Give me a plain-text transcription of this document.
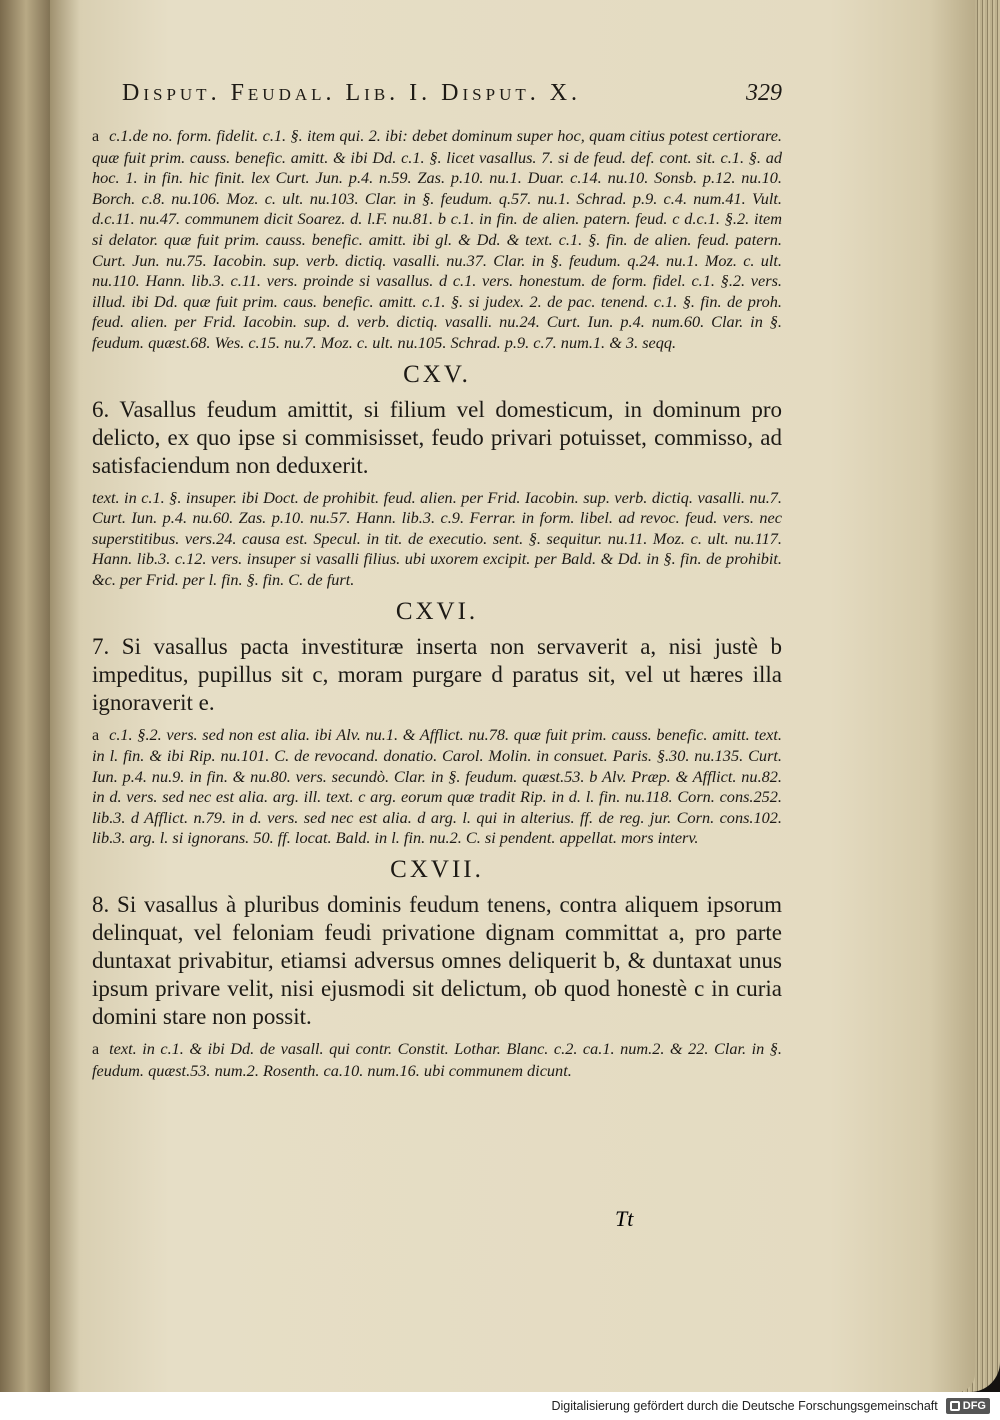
Disput. Feudal. Lib. I. Disput. X.	329

a c.1.de no. form. fidelit. c.1. §. item qui. 2. ibi: debet dominum super hoc, quam citius potest certiorare. quæ fuit prim. causs. benefic. amitt. & ibi Dd. c.1. §. licet vasallus. 7. si de feud. def. cont. sit. c.1. §. ad hoc. 1. in fin. hic finit. lex Curt. Jun. p.4. n.59. Zas. p.10. nu.1. Duar. c.14. nu.10. Sonsb. p.12. nu.10. Borch. c.8. nu.106. Moz. c. ult. nu.103. Clar. in §. feudum. q.57. nu.1. Schrad. p.9. c.4. num.41. Vult. d.c.11. nu.47. communem dicit Soarez. d. l.F. nu.81. b c.1. in fin. de alien. patern. feud. c d.c.1. §.2. item si delator. quæ fuit prim. causs. benefic. amitt. ibi gl. & Dd. & text. c.1. §. fin. de alien. feud. patern. Curt. Jun. nu.75. Iacobin. sup. verb. dictiq. vasalli. nu.37. Clar. in §. feudum. q.24. nu.1. Moz. c. ult. nu.110. Hann. lib.3. c.11. vers. proinde si vasallus. d c.1. vers. honestum. de form. fidel. c.1. §.2. vers. illud. ibi Dd. quæ fuit prim. caus. benefic. amitt. c.1. §. si judex. 2. de pac. tenend. c.1. §. fin. de proh. feud. alien. per Frid. Iacobin. sup. d. verb. dictiq. vasalli. nu.24. Curt. Iun. p.4. num.60. Clar. in §. feudum. quæst.68. Wes. c.15. nu.7. Moz. c. ult. nu.105. Schrad. p.9. c.7. num.1. & 3. seqq.

CXV.

6. Vasallus feudum amittit, si filium vel domesticum, in dominum pro delicto, ex quo ipse si commisisset, feudo privari potuisset, commisso, ad satisfaciendum non deduxerit.

text. in c.1. §. insuper. ibi Doct. de prohibit. feud. alien. per Frid. Iacobin. sup. verb. dictiq. vasalli. nu.7. Curt. Iun. p.4. nu.60. Zas. p.10. nu.57. Hann. lib.3. c.9. Ferrar. in form. libel. ad revoc. feud. vers. nec superstitibus. vers.24. causa est. Specul. in tit. de executio. sent. §. sequitur. nu.11. Moz. c. ult. nu.117. Hann. lib.3. c.12. vers. insuper si vasalli filius. ubi uxorem excipit. per Bald. & Dd. in §. fin. de prohibit. &c. per Frid. per l. fin. §. fin. C. de furt.

CXVI.

7. Si vasallus pacta investituræ inserta non servaverit a, nisi justè b impeditus, pupillus sit c, moram purgare d paratus sit, vel ut hæres illa ignoraverit e.

a c.1. §.2. vers. sed non est alia. ibi Alv. nu.1. & Afflict. nu.78. quæ fuit prim. causs. benefic. amitt. text. in l. fin. & ibi Rip. nu.101. C. de revocand. donatio. Carol. Molin. in consuet. Paris. §.30. nu.135. Curt. Iun. p.4. nu.9. in fin. & nu.80. vers. secundò. Clar. in §. feudum. quæst.53. b Alv. Præp. & Afflict. nu.82. in d. vers. sed nec est alia. arg. ill. text. c arg. eorum quæ tradit Rip. in d. l. fin. nu.118. Corn. cons.252. lib.3. d Afflict. n.79. in d. vers. sed nec est alia. d arg. l. qui in alterius. ff. de reg. jur. Corn. cons.102. lib.3. arg. l. si ignorans. 50. ff. locat. Bald. in l. fin. nu.2. C. si pendent. appellat. mors interv.

CXVII.

8. Si vasallus à pluribus dominis feudum tenens, contra aliquem ipsorum delinquat, vel feloniam feudi privatione dignam committat a, pro parte duntaxat privabitur, etiamsi adversus omnes deliquerit b, & duntaxat unus ipsum privare velit, nisi ejusmodi sit delictum, ob quod honestè c in curia domini stare non possit.

a text. in c.1. & ibi Dd. de vasall. qui contr. Constit. Lothar. Blanc. c.2. ca.1. num.2. & 22. Clar. in §. feudum. quæst.53. num.2. Rosenth. ca.10. num.16. ubi communem dicunt.

Tt
Digitalisierung gefördert durch die Deutsche Forschungsgemeinschaft DFG
